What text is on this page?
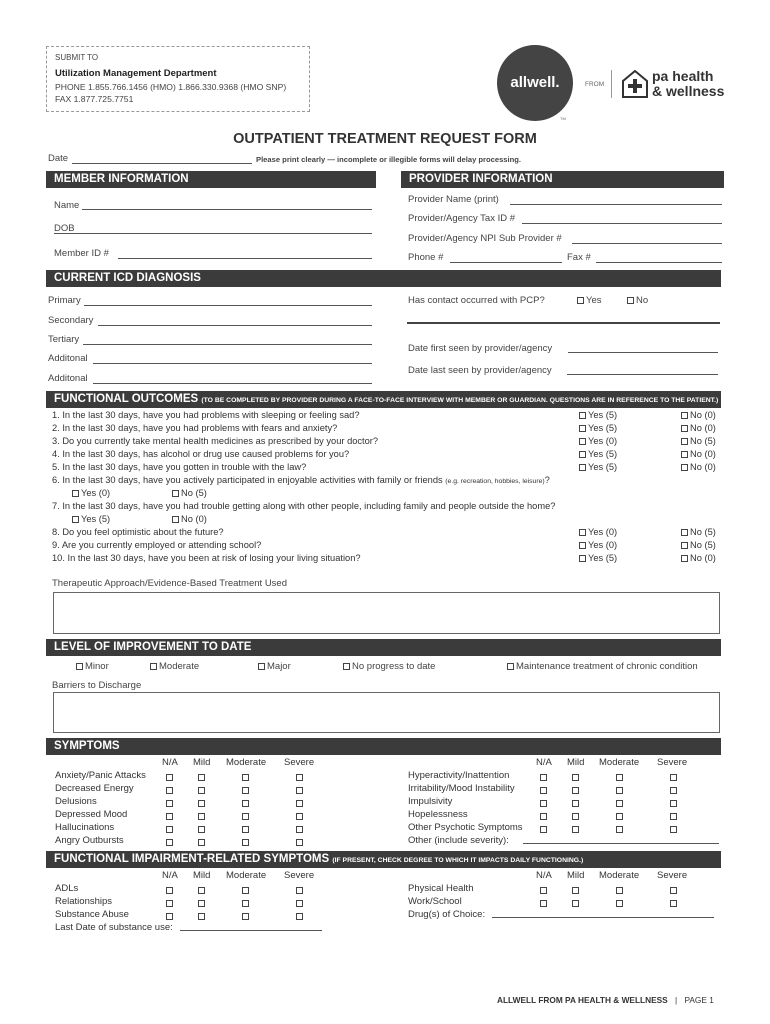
SUBMIT TO
Utilization Management Department
PHONE 1.855.766.1456 (HMO) 1.866.330.9368 (HMO SNP)
FAX 1.877.725.7751
allwell.
TM
FROM
pa health
& wellness
OUTPATIENT TREATMENT REQUEST FORM
Date	Please print clearly — incomplete or illegible forms will delay processing.
MEMBER INFORMATION	PROVIDER INFORMATION
Name
DOB
Member ID #
Provider Name (print)
Provider/Agency Tax ID #
Provider/Agency NPI Sub Provider #
Phone #	Fax #
CURRENT ICD DIAGNOSIS
Primary
Secondary
Tertiary
Additonal
Additonal
Has contact occurred with PCP?	Yes	No
Date first seen by provider/agency
Date last seen by provider/agency
FUNCTIONAL OUTCOMES (TO BE COMPLETED BY PROVIDER DURING A FACE-TO-FACE INTERVIEW WITH MEMBER OR GUARDIAN. QUESTIONS ARE IN REFERENCE TO THE PATIENT.)
1. In the last 30 days, have you had problems with sleeping or feeling sad?	Yes (5)	No (0)
2. In the last 30 days, have you had problems with fears and anxiety?	Yes (5)	No (0)
3. Do you currently take mental health medicines as prescribed by your doctor?	Yes (0)	No (5)
4. In the last 30 days, has alcohol or drug use caused problems for you?	Yes (5)	No (0)
5. In the last 30 days, have you gotten in trouble with the law?	Yes (5)	No (0)
6. In the last 30 days, have you actively participated in enjoyable activities with family or friends (e.g. recreation, hobbies, leisure)?
Yes (0)	No (5)
7. In the last 30 days, have you had trouble getting along with other people, including family and people outside the home?
Yes (5)	No (0)
8. Do you feel optimistic about the future?	Yes (0)	No (5)
9. Are you currently employed or attending school?	Yes (0)	No (5)
10. In the last 30 days, have you been at risk of losing your living situation?	Yes (5)	No (0)
Therapeutic Approach/Evidence-Based Treatment Used
LEVEL OF IMPROVEMENT TO DATE
Minor	Moderate	Major	No progress to date	Maintenance treatment of chronic condition
Barriers to Discharge
SYMPTOMS
N/A Mild Moderate Severe	N/A Mild Moderate Severe
Anxiety/Panic Attacks
Decreased Energy
Delusions
Depressed Mood
Hallucinations
Angry Outbursts
Hyperactivity/Inattention
Irritability/Mood Instability
Impulsivity
Hopelessness
Other Psychotic Symptoms
Other (include severity):
FUNCTIONAL IMPAIRMENT-RELATED SYMPTOMS (IF PRESENT, CHECK DEGREE TO WHICH IT IMPACTS DAILY FUNCTIONING.)
N/A Mild Moderate Severe	N/A Mild Moderate Severe
ADLs
Relationships
Substance Abuse
Last Date of substance use:
Physical Health
Work/School
Drug(s) of Choice:
ALLWELL FROM PA HEALTH & WELLNESS | PAGE 1
